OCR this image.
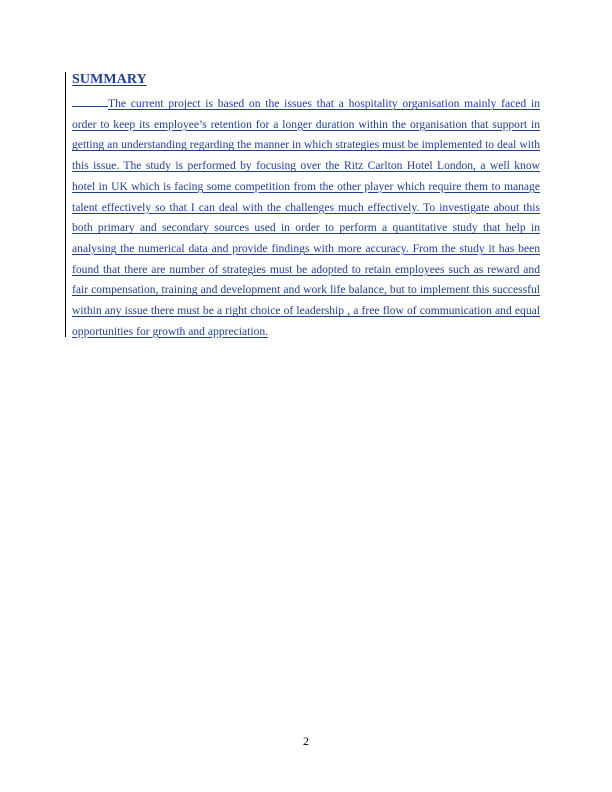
SUMMARY

The current project is based on the issues that a hospitality organisation mainly faced in order to keep its employee’s retention for a longer duration within the organisation that support in getting an understanding regarding the manner in which strategies must be implemented to deal with this issue. The study is performed by focusing over the Ritz Carlton Hotel London, a well know hotel in UK which is facing some competition from the other player which require them to manage talent effectively so that I can deal with the challenges much effectively. To investigate about this both primary and secondary sources used in order to perform a quantitative study that help in analysing the numerical data and provide findings with more accuracy. From the study it has been found that there are number of strategies must be adopted to retain employees such as reward and fair compensation, training and development and work life balance, but to implement this successful within any issue there must be a right choice of leadership , a free flow of communication and equal opportunities for growth and appreciation.

2
